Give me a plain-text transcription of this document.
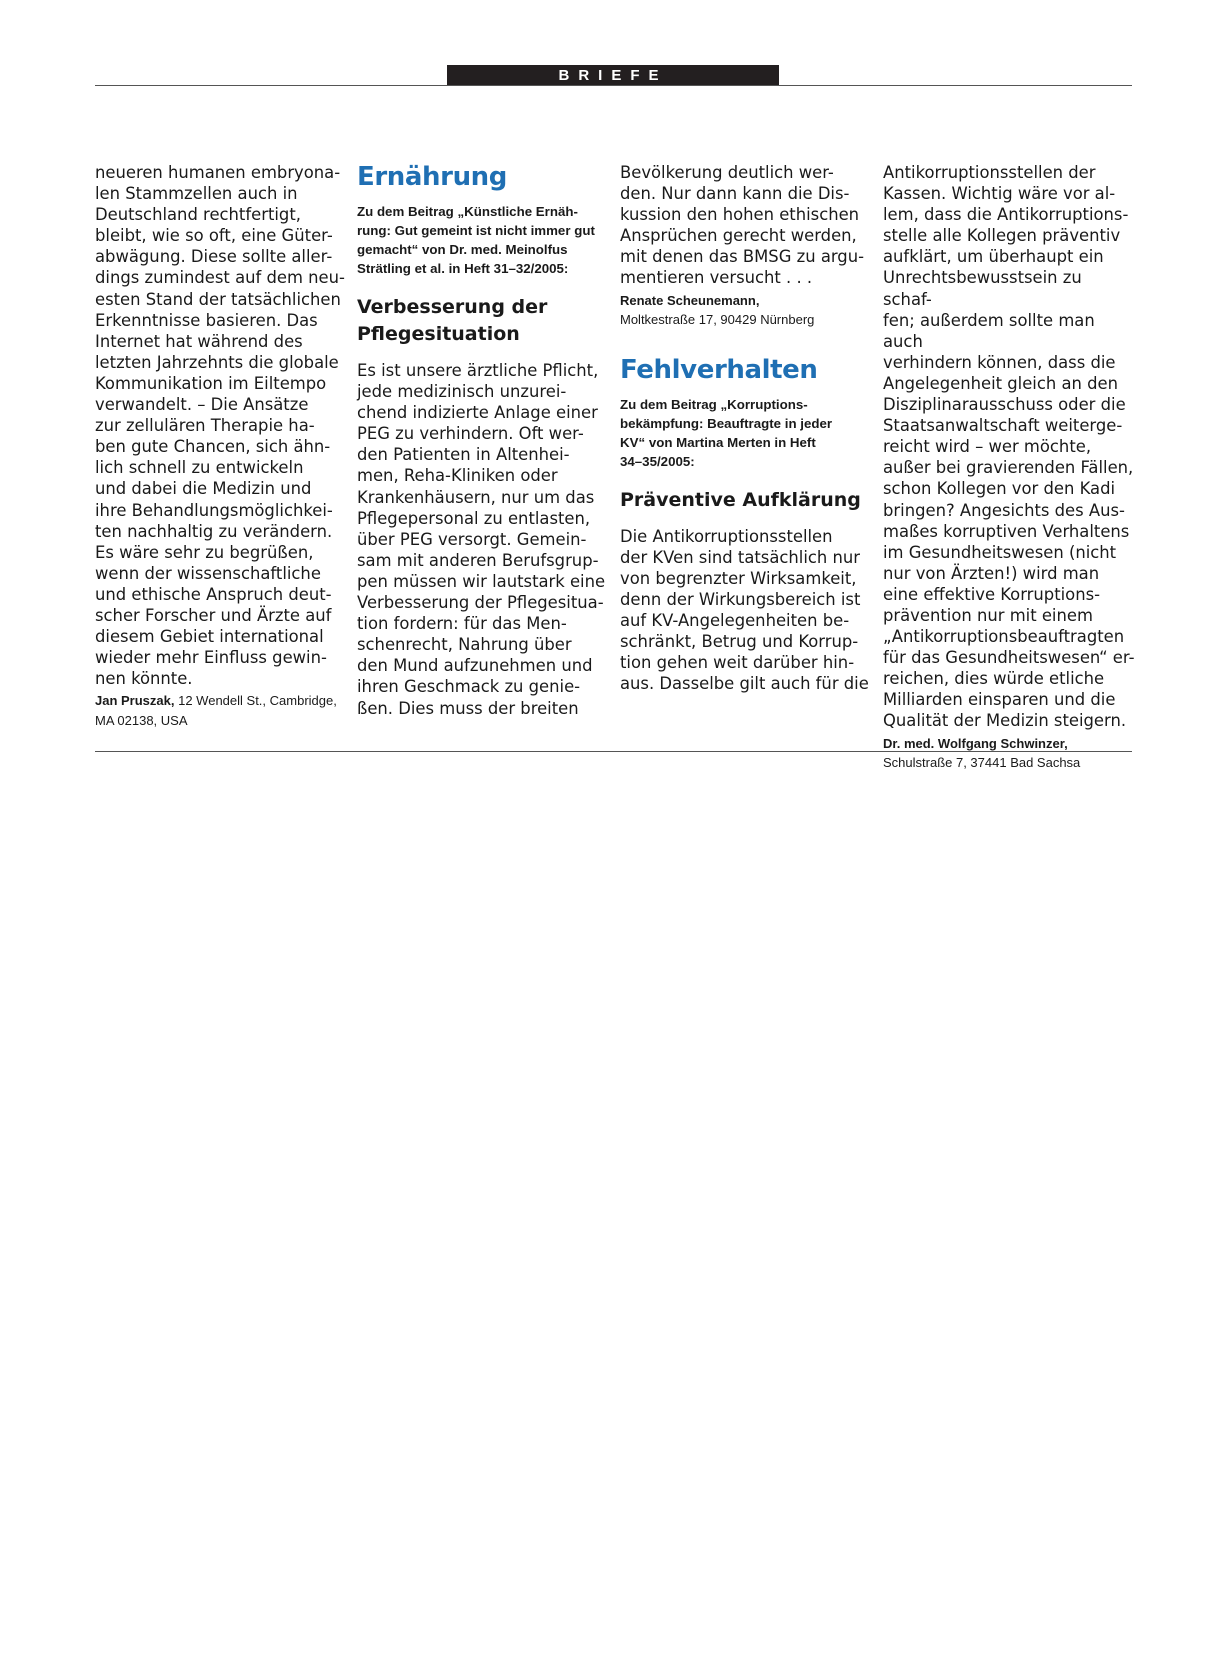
BRIEFE

neueren humanen embryona-
len Stammzellen auch in
Deutschland rechtfertigt,
bleibt, wie so oft, eine Güter-
abwägung. Diese sollte aller-
dings zumindest auf dem neu-
esten Stand der tatsächlichen
Erkenntnisse basieren. Das
Internet hat während des
letzten Jahrzehnts die globale
Kommunikation im Eiltempo
verwandelt. – Die Ansätze
zur zellulären Therapie ha-
ben gute Chancen, sich ähn-
lich schnell zu entwickeln
und dabei die Medizin und
ihre Behandlungsmöglichkei-
ten nachhaltig zu verändern.
Es wäre sehr zu begrüßen,
wenn der wissenschaftliche
und ethische Anspruch deut-
scher Forscher und Ärzte auf
diesem Gebiet international
wieder mehr Einfluss gewin-
nen könnte.

Jan Pruszak, 12 Wendell St., Cambridge,
MA 02138, USA

Ernährung

Zu dem Beitrag „Künstliche Ernäh-
rung: Gut gemeint ist nicht immer gut
gemacht“ von Dr. med. Meinolfus
Strätling et al. in Heft 31–32/2005:

Verbesserung der
Pflegesituation

Es ist unsere ärztliche Pflicht,
jede medizinisch unzurei-
chend indizierte Anlage einer
PEG zu verhindern. Oft wer-
den Patienten in Altenhei-
men, Reha-Kliniken oder
Krankenhäusern, nur um das
Pflegepersonal zu entlasten,
über PEG versorgt. Gemein-
sam mit anderen Berufsgrup-
pen müssen wir lautstark eine
Verbesserung der Pflegesitua-
tion fordern: für das Men-
schenrecht, Nahrung über
den Mund aufzunehmen und
ihren Geschmack zu genie-
ßen. Dies muss der breiten

Bevölkerung deutlich wer-
den. Nur dann kann die Dis-
kussion den hohen ethischen
Ansprüchen gerecht werden,
mit denen das BMSG zu argu-
mentieren versucht . . .

Renate Scheunemann,
Moltkestraße 17, 90429 Nürnberg

Fehlverhalten

Zu dem Beitrag „Korruptions-
bekämpfung: Beauftragte in jeder
KV“ von Martina Merten in Heft
34–35/2005:

Präventive Aufklärung

Die Antikorruptionsstellen
der KVen sind tatsächlich nur
von begrenzter Wirksamkeit,
denn der Wirkungsbereich ist
auf KV-Angelegenheiten be-
schränkt, Betrug und Korrup-
tion gehen weit darüber hin-
aus. Dasselbe gilt auch für die

Antikorruptionsstellen der
Kassen. Wichtig wäre vor al-
lem, dass die Antikorruptions-
stelle alle Kollegen präventiv
aufklärt, um überhaupt ein
Unrechtsbewusstsein zu schaf-
fen; außerdem sollte man auch
verhindern können, dass die
Angelegenheit gleich an den
Disziplinarausschuss oder die
Staatsanwaltschaft weiterge-
reicht wird – wer möchte,
außer bei gravierenden Fällen,
schon Kollegen vor den Kadi
bringen? Angesichts des Aus-
maßes korruptiven Verhaltens
im Gesundheitswesen (nicht
nur von Ärzten!) wird man
eine effektive Korruptions-
prävention nur mit einem
„Antikorruptionsbeauftragten
für das Gesundheitswesen“ er-
reichen, dies würde etliche
Milliarden einsparen und die
Qualität der Medizin steigern.

Dr. med. Wolfgang Schwinzer,
Schulstraße 7, 37441 Bad Sachsa
